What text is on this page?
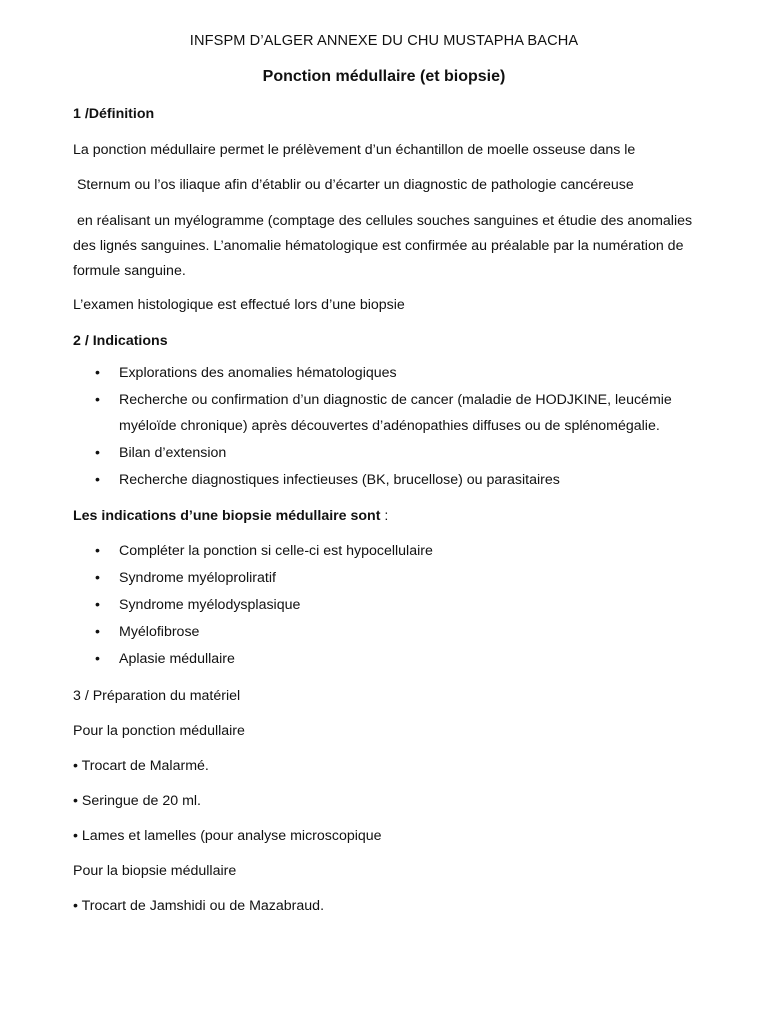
INFSPM D’ALGER ANNEXE DU CHU MUSTAPHA BACHA
Ponction médullaire (et biopsie)

1 /Définition

La ponction médullaire permet le prélèvement d’un échantillon de moelle osseuse dans le

Sternum ou l’os iliaque afin d’établir ou d’écarter un diagnostic de pathologie cancéreuse

en réalisant un myélogramme (comptage des cellules souches sanguines et étudie des anomalies des lignés sanguines. L’anomalie hématologique est confirmée au préalable par la numération de formule sanguine.

L’examen histologique est effectué lors d’une biopsie

2 / Indications

• Explorations des anomalies hématologiques
• Recherche ou confirmation d’un diagnostic de cancer (maladie de HODJKINE, leucémie myéloïde chronique) après découvertes d’adénopathies diffuses ou de splénomégalie.
• Bilan d’extension
• Recherche diagnostiques infectieuses (BK, brucellose) ou parasitaires

Les indications d’une biopsie médullaire sont :

• Compléter la ponction si celle-ci est hypocellulaire
• Syndrome myéloproliratif
• Syndrome myélodysplasique
• Myélofibrose
• Aplasie médullaire

3 / Préparation du matériel

Pour la ponction médullaire

• Trocart de Malarmé.

• Seringue de 20 ml.

• Lames et lamelles (pour analyse microscopique

Pour la biopsie médullaire

• Trocart de Jamshidi ou de Mazabraud.
